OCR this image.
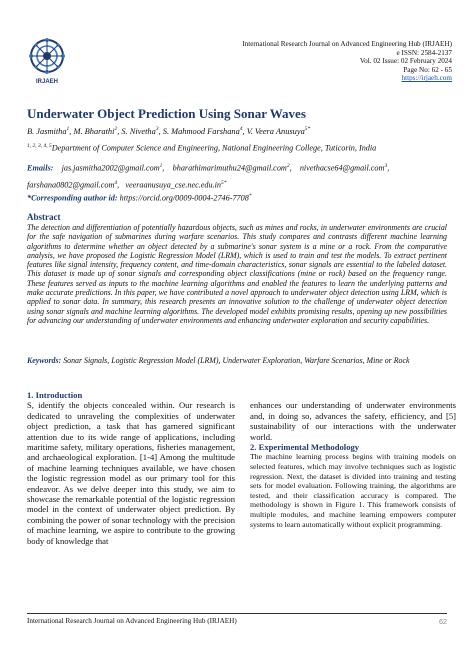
IRJAEH
International Research Journal on Advanced Engineering Hub (IRJAEH)
e ISSN: 2584-2137
Vol. 02 Issue: 02 February 2024
Page No: 62 - 65
https://irjaeh.com
Underwater Object Prediction Using Sonar Waves
B. Jasmitha$^1$, M. Bharathi$^2$, S. Nivetha$^3$, S. Mahmood Farshana$^4$, V. Veera Anusuya$^{5*}$
$^{1, 2, 3, 4, 5}$Department of Computer Science and Engineering, National Engineering College, Tuticorin, India
Emails: jas.jasmitha2002@gmail.com$^1$,    bharathimarimuthu24@gmail.com$^2$,    nivethacse64@gmail.com$^3$,
farshana0802@gmail.com$^4$,   $veeraanusuya\_cse.nec.edu.in^{5*}$
*Corresponding author id: https://orcid.org/0009-0004-2746-7708*
Abstract
The detection and differentiation of potentially hazardous objects, such as mines and rocks, in underwater environments are crucial for the safe navigation of submarines during warfare scenarios. This study compares and contrasts different machine learning algorithms to determine whether an object detected by a submarine's sonar system is a mine or a rock. From the comparative analysis, we have proposed the Logistic Regression Model (LRM), which is used to train and test the models. To extract pertinent features like signal intensity, frequency content, and time-domain characteristics, sonar signals are essential to the labeled dataset. This dataset is made up of sonar signals and corresponding object classifications (mine or rock) based on the frequency range. These features served as inputs to the machine learning algorithms and enabled the features to learn the underlying patterns and make accurate predictions. In this paper, we have contributed a novel approach to underwater object detection using LRM, which is applied to sonar data. In summary, this research presents an innovative solution to the challenge of underwater object detection using sonar signals and machine learning algorithms. The developed model exhibits promising results, opening up new possibilities for advancing our understanding of underwater environments and enhancing underwater exploration and security capabilities.
Keywords: Sonar Signals, Logistic Regression Model (LRM), Underwater Exploration, Warfare Scenarios, Mine or Rock
1. Introduction
S, identify the objects concealed within. Our research is dedicated to unraveling the complexities of underwater object prediction, a task that has garnered significant attention due to its wide range of applications, including maritime safety, military operations, fisheries management, and archaeological exploration. [1-4] Among the multitude of machine learning techniques available, we have chosen the logistic regression model as our primary tool for this endeavor. As we delve deeper into this study, we aim to showcase the remarkable potential of the logistic regression model in the context of underwater object prediction. By combining the power of sonar technology with the precision of machine learning, we aspire to contribute to the growing body of knowledge that
enhances our understanding of underwater environments and, in doing so, advances the safety, efficiency, and [5] sustainability of our interactions with the underwater world.
2. Experimental Methodology
The machine learning process begins with training models on selected features, which may involve techniques such as logistic regression. Next, the dataset is divided into training and testing sets for model evaluation. Following training, the algorithms are tested, and their classification accuracy is compared. The methodology is shown in Figure 1. This framework consists of multiple modules, and machine learning empowers computer systems to learn automatically without explicit programming.
International Research Journal on Advanced Engineering Hub (IRJAEH)	62
